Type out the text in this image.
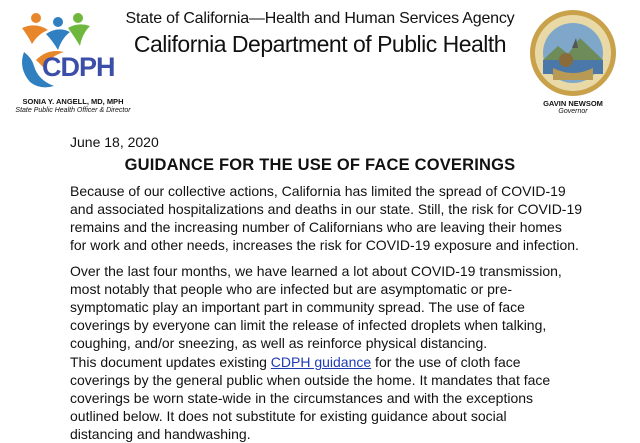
CDPH
State of California—Health and Human Services Agency
California Department of Public Health
SONIA Y. ANGELL, MD, MPH
State Public Health Officer & Director
GAVIN NEWSOM
Governor
June 18, 2020
GUIDANCE FOR THE USE OF FACE COVERINGS
Because of our collective actions, California has limited the spread of COVID-19
and associated hospitalizations and deaths in our state. Still, the risk for COVID-19
remains and the increasing number of Californians who are leaving their homes
for work and other needs, increases the risk for COVID-19 exposure and infection.
Over the last four months, we have learned a lot about COVID-19 transmission,
most notably that people who are infected but are asymptomatic or pre-
symptomatic play an important part in community spread. The use of face
coverings by everyone can limit the release of infected droplets when talking,
coughing, and/or sneezing, as well as reinforce physical distancing.
This document updates existing CDPH guidance for the use of cloth face
coverings by the general public when outside the home. It mandates that face
coverings be worn state-wide in the circumstances and with the exceptions
outlined below. It does not substitute for existing guidance about social
distancing and handwashing.
